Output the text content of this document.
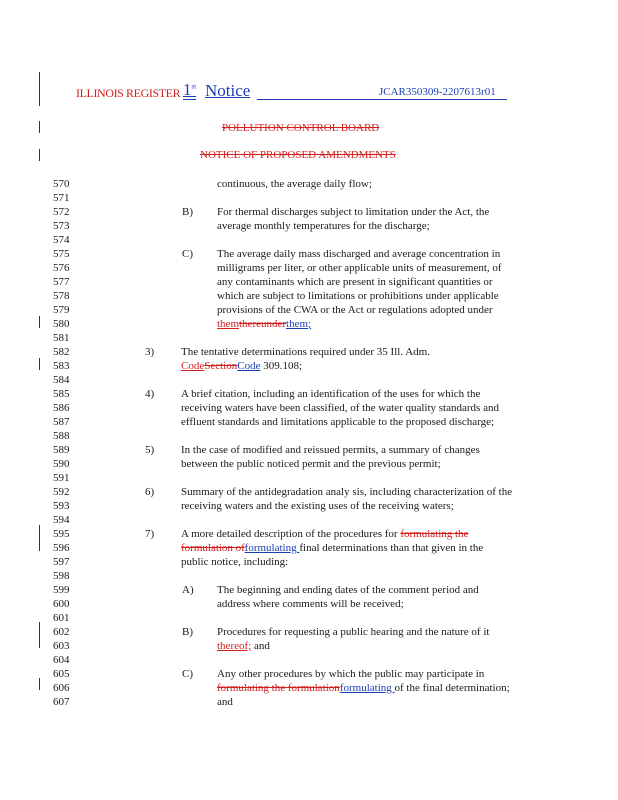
ILLINOIS REGISTER 1st Notice	JCAR350309-2207613r01
POLLUTION CONTROL BOARD
NOTICE OF PROPOSED AMENDMENTS
570
571
572
573
574
575
576
577
578
579
580
581
582
583
584
585
586
587
588
589
590
591
592
593
594
595
596
597
598
599
600
601
602
603
604
605
606
607
continuous, the average daily flow;
B) For thermal discharges subject to limitation under the Act, the
average monthly temperatures for the discharge;
C) The average daily mass discharged and average concentration in
milligrams per liter, or other applicable units of measurement, of
any contaminants which are present in significant quantities or
which are subject to limitations or prohibitions under applicable
provisions of the CWA or the Act or regulations adopted under
themthereunderthem;
3) The tentative determinations required under 35 Ill. Adm.
CodeSectionCode 309.108;
4) A brief citation, including an identification of the uses for which the
receiving waters have been classified, of the water quality standards and
effluent standards and limitations applicable to the proposed discharge;
5) In the case of modified and reissued permits, a summary of changes
between the public noticed permit and the previous permit;
6) Summary of the antidegradation analy sis, including characterization of the
receiving waters and the existing uses of the receiving waters;
7) A more detailed description of the procedures for formulating the
formulation offormulating final determinations than that given in the
public notice, including:
A) The beginning and ending dates of the comment period and
address where comments will be received;
B) Procedures for requesting a public hearing and the nature of it
thereof; and
C) Any other procedures by which the public may participate in
formulating the formulationformulating of the final determination;
and
